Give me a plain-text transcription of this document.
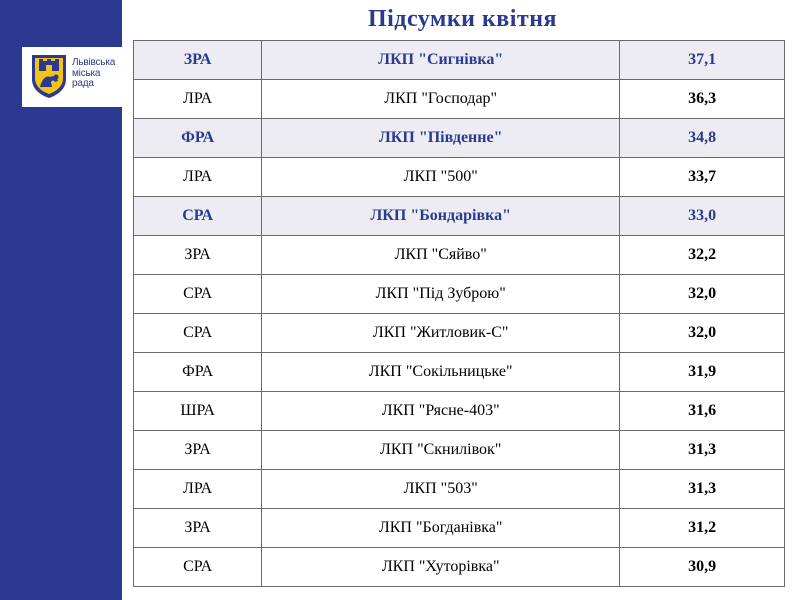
Львівська
міська
рада
Підсумки квітня
ЗРА	ЛКП "Сигнівка"	37,1
ЛРА	ЛКП "Господар"	36,3
ФРА	ЛКП "Південне"	34,8
ЛРА	ЛКП "500"	33,7
СРА	ЛКП "Бондарівка"	33,0
ЗРА	ЛКП "Сяйво"	32,2
СРА	ЛКП "Під Зуброю"	32,0
СРА	ЛКП "Житловик-С"	32,0
ФРА	ЛКП "Сокільницьке"	31,9
ШРА	ЛКП "Рясне-403"	31,6
ЗРА	ЛКП "Скнилівок"	31,3
ЛРА	ЛКП "503"	31,3
ЗРА	ЛКП "Богданівка"	31,2
СРА	ЛКП "Хуторівка"	30,9
